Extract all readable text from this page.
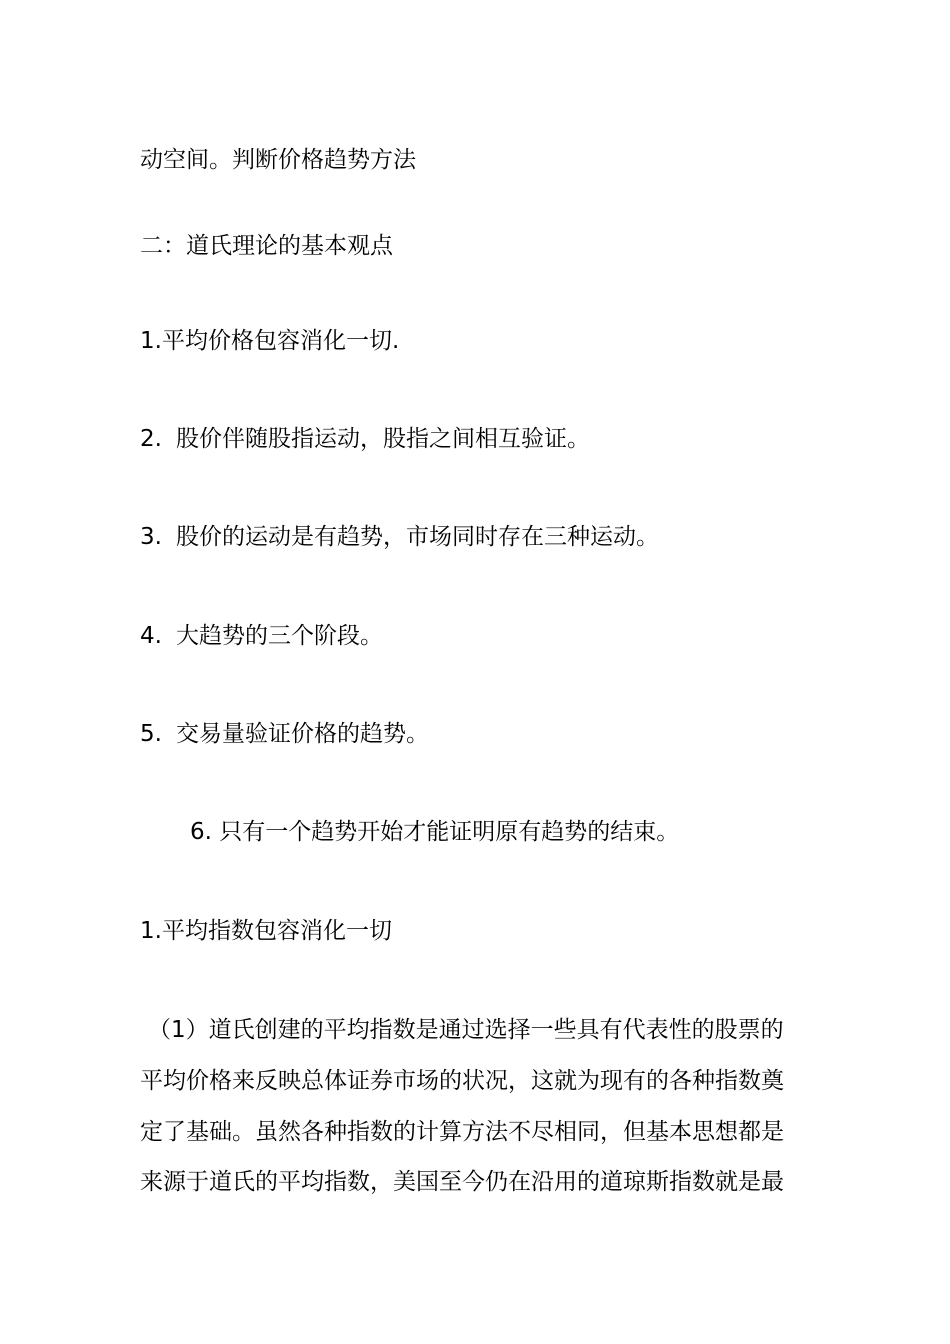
动空间。判断价格趋势方法

二：道氏理论的基本观点

1.平均价格包容消化一切.

2. 股价伴随股指运动，股指之间相互验证。

3. 股价的运动是有趋势，市场同时存在三种运动。

4. 大趋势的三个阶段。

5. 交易量验证价格的趋势。

6. 只有一个趋势开始才能证明原有趋势的结束。

1.平均指数包容消化一切

（1）道氏创建的平均指数是通过选择一些具有代表性的股票的

平均价格来反映总体证券市场的状况，这就为现有的各种指数奠

定了基础。虽然各种指数的计算方法不尽相同，但基本思想都是

来源于道氏的平均指数，美国至今仍在沿用的道琼斯指数就是最
